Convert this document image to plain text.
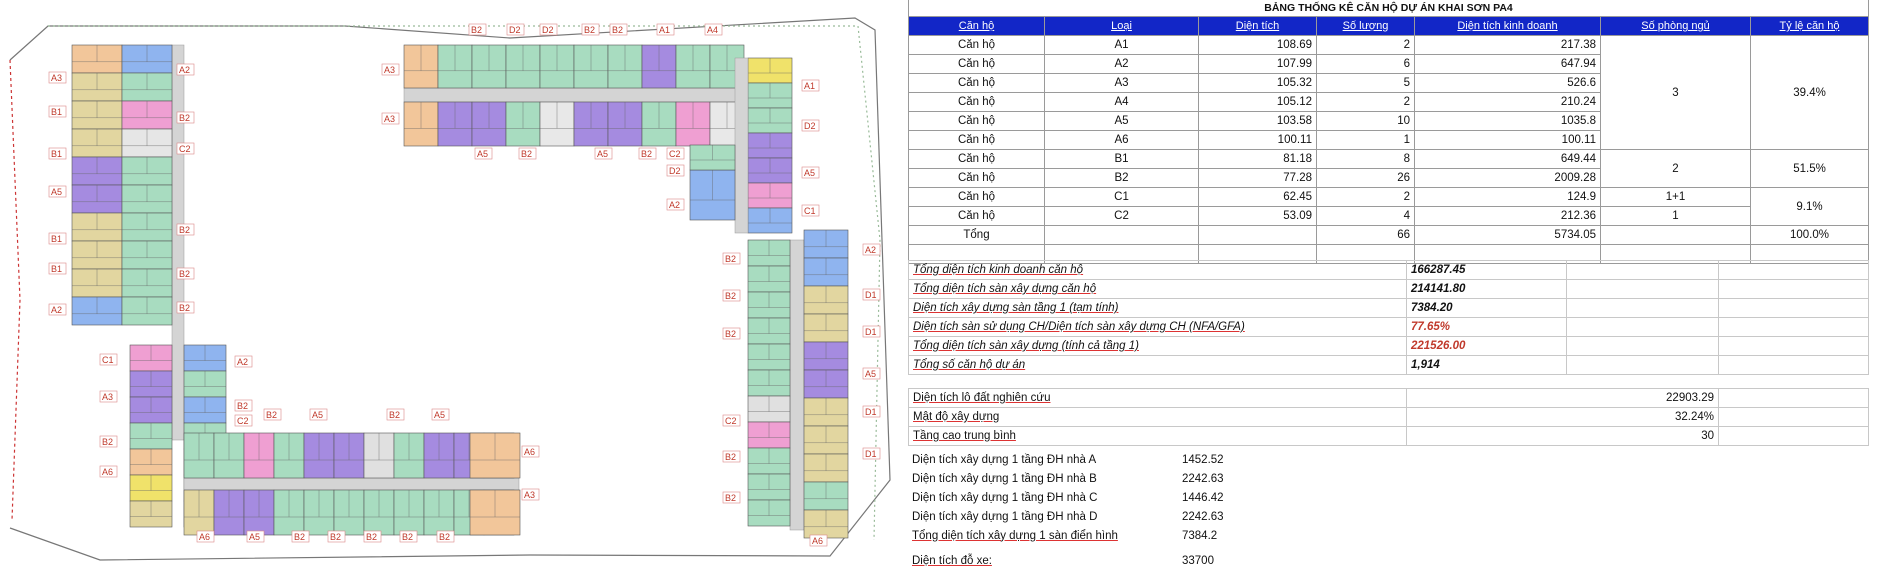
B2	D2 D2	B2 B2	A1	A4
A3
A3
A5	B2	A5	B2 C2
A1
D2
A5
C1
D2
A2
A2
B2
D1
B2
D1
B2
A5
D1
C2
B2	D1
B2
A6
A3
B1
B1
A5
B1
B1
A2
C1
A3
B2
A6
A2
B2
C2
B2
B2
B2
A2
B2
C2
B2	A5	B2	A5
A6
A3
A6	A5	B2	B2	B2	B2	B2
BẢNG THỐNG KÊ CĂN HỘ DỰ ÁN KHAI SƠN PA4						
Căn hộ	Loại	Diện tích	Số lượng	Diện tích kinh doanh	Số phòng ngủ	Tỷ lệ căn hộ
Căn hộ	A1	108.69	2	217.38	3	39.4%
Căn hộ	A2	107.99	6	647.94		
Căn hộ	A3	105.32	5	526.6		
Căn hộ	A4	105.12	2	210.24		
Căn hộ	A5	103.58	10	1035.8		
Căn hộ	A6	100.11	1	100.11		
Căn hộ	B1	81.18	8	649.44	2	51.5%
Căn hộ	B2	77.28	26	2009.28		
Căn hộ	C1	62.45	2	124.9	1+1	9.1%
Căn hộ	C2	53.09	4	212.36	1	
Tổng			66	5734.05		100.0%

Tổng diện tích kinh doanh căn hộ	166287.45		
Tổng diện tích sàn xây dựng căn hộ	214141.80		
Diện tích xây dựng sàn tầng 1 (tạm tính)	7384.20		
Diện tích sàn sử dụng CH/Diện tích sàn xây dựng CH (NFA/GFA)	77.65%		
Tổng diện tích sàn xây dựng (tính cả tầng 1)	221526.00		
Tổng số căn hộ dự án	1,914		
Diện tích lô đất nghiên cứu	22903.29	
Mật độ xây dựng	32.24%	
Tầng cao trung bình	30	
Diện tích xây dựng 1 tầng ĐH nhà A	1452.52
Diện tích xây dựng 1 tầng ĐH nhà B	2242.63
Diện tích xây dựng 1 tầng ĐH nhà C	1446.42
Diện tích xây dựng 1 tầng ĐH nhà D	2242.63
Tổng diện tích xây dựng 1 sàn điển hình	7384.2
Diện tích đỗ xe:	33700
